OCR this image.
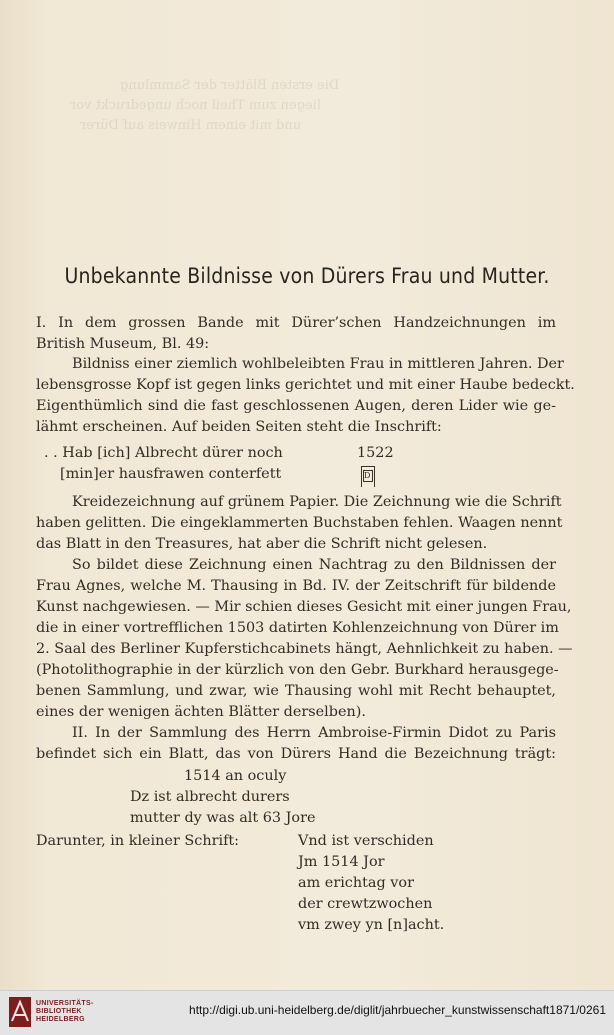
Die ersten Blätter der Sammlung
liegen zum Theil noch ungedruckt vor
und mit einem Hinweis auf Dürer
Unbekannte Bildnisse von Dürers Frau und Mutter.
I. In dem grossen Bande mit Dürer’schen Handzeichnungen im
British Museum, Bl. 49:
Bildniss einer ziemlich wohlbeleibten Frau in mittleren Jahren. Der
lebensgrosse Kopf ist gegen links gerichtet und mit einer Haube bedeckt.
Eigenthümlich sind die fast geschlossenen Augen, deren Lider wie ge-
lähmt erscheinen. Auf beiden Seiten steht die Inschrift:
. . Hab [ich] Albrecht dürer noch	1522
[min]er hausfrawen conterfett
D
Kreidezeichnung auf grünem Papier. Die Zeichnung wie die Schrift
haben gelitten. Die eingeklammerten Buchstaben fehlen. Waagen nennt
das Blatt in den Treasures, hat aber die Schrift nicht gelesen.
So bildet diese Zeichnung einen Nachtrag zu den Bildnissen der
Frau Agnes, welche M. Thausing in Bd. IV. der Zeitschrift für bildende
Kunst nachgewiesen. — Mir schien dieses Gesicht mit einer jungen Frau,
die in einer vortrefflichen 1503 datirten Kohlenzeichnung von Dürer im
2. Saal des Berliner Kupferstichcabinets hängt, Aehnlichkeit zu haben. —
(Photolithographie in der kürzlich von den Gebr. Burkhard herausgege-
benen Sammlung, und zwar, wie Thausing wohl mit Recht behauptet,
eines der wenigen ächten Blätter derselben).
II. In der Sammlung des Herrn Ambroise-Firmin Didot zu Paris
befindet sich ein Blatt, das von Dürers Hand die Bezeichnung trägt:
1514 an oculy
Dz ist albrecht durers
mutter dy was alt 63 Jore
Darunter, in kleiner Schrift:	Vnd ist verschiden
Jm 1514 Jor
am erichtag vor
der crewtzwochen
vm zwey yn [n]acht.
UNIVERSITÄTS-
BIBLIOTHEK
HEIDELBERG
http://digi.ub.uni-heidelberg.de/diglit/jahrbuecher_kunstwissenschaft1871/0261
